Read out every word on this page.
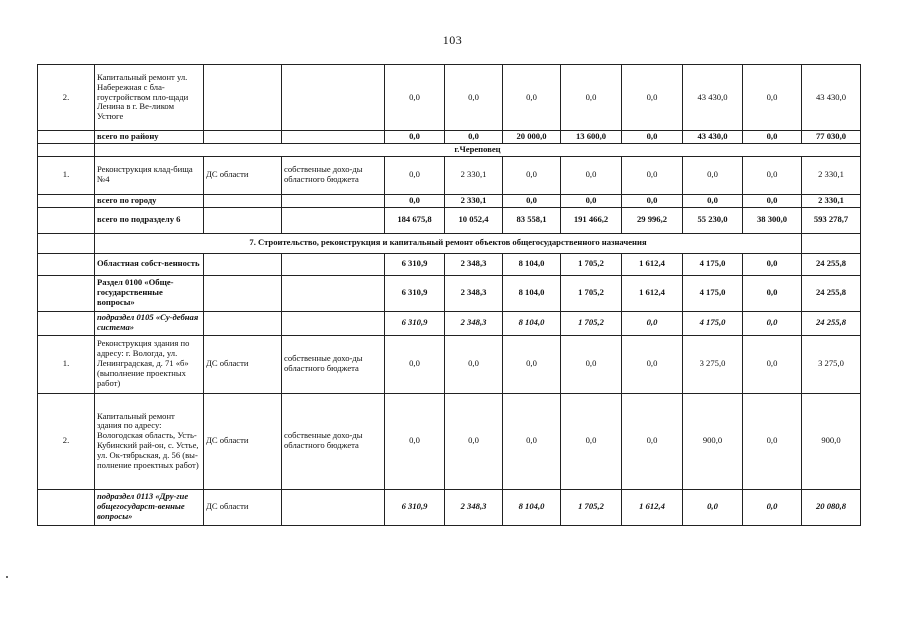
103
2.	Капитальный ремонт ул. Набережная с бла-гоустройством пло-щади Ленина в г. Ве-ликом Устюге			0,0	0,0	0,0	0,0	0,0	43 430,0	0,0	43 430,0
	всего по району			0,0	0,0	20 000,0	13 600,0	0,0	43 430,0	0,0	77 030,0
	г.Череповец										
1.	Реконструкция клад-бища №4	ДС области	собственные дохо-ды областного бюджета	0,0	2 330,1	0,0	0,0	0,0	0,0	0,0	2 330,1
	всего по городу			0,0	2 330,1	0,0	0,0	0,0	0,0	0,0	2 330,1
	всего по подразделу 6			184 675,8	10 052,4	83 558,1	191 466,2	29 996,2	55 230,0	38 300,0	593 278,7
	7. Строительство, реконструкция и капитальный ремонт объектов общегосударственного назначения										
	Областная собст-венность			6 310,9	2 348,3	8 104,0	1 705,2	1 612,4	4 175,0	0,0	24 255,8
	Раздел 0100 «Обще-государственные вопросы»			6 310,9	2 348,3	8 104,0	1 705,2	1 612,4	4 175,0	0,0	24 255,8
	подраздел 0105 «Су-дебная система»			6 310,9	2 348,3	8 104,0	1 705,2	0,0	4 175,0	0,0	24 255,8
1.	Реконструкция здания по адресу: г. Вологда, ул. Ленинградская, д. 71 «б» (выполнение проектных работ)	ДС области	собственные дохо-ды областного бюджета	0,0	0,0	0,0	0,0	0,0	3 275,0	0,0	3 275,0
2.	Капитальный ремонт здания по адресу: Вологодская область, Усть-Кубинский рай-он, с. Устье, ул. Ок-тябрьская, д. 56 (вы-полнение проектных работ)	ДС области	собственные дохо-ды областного бюджета	0,0	0,0	0,0	0,0	0,0	900,0	0,0	900,0
	подраздел 0113 «Дру-гие общегосударст-венные вопросы»	ДС области		6 310,9	2 348,3	8 104,0	1 705,2	1 612,4	0,0	0,0	20 080,8
